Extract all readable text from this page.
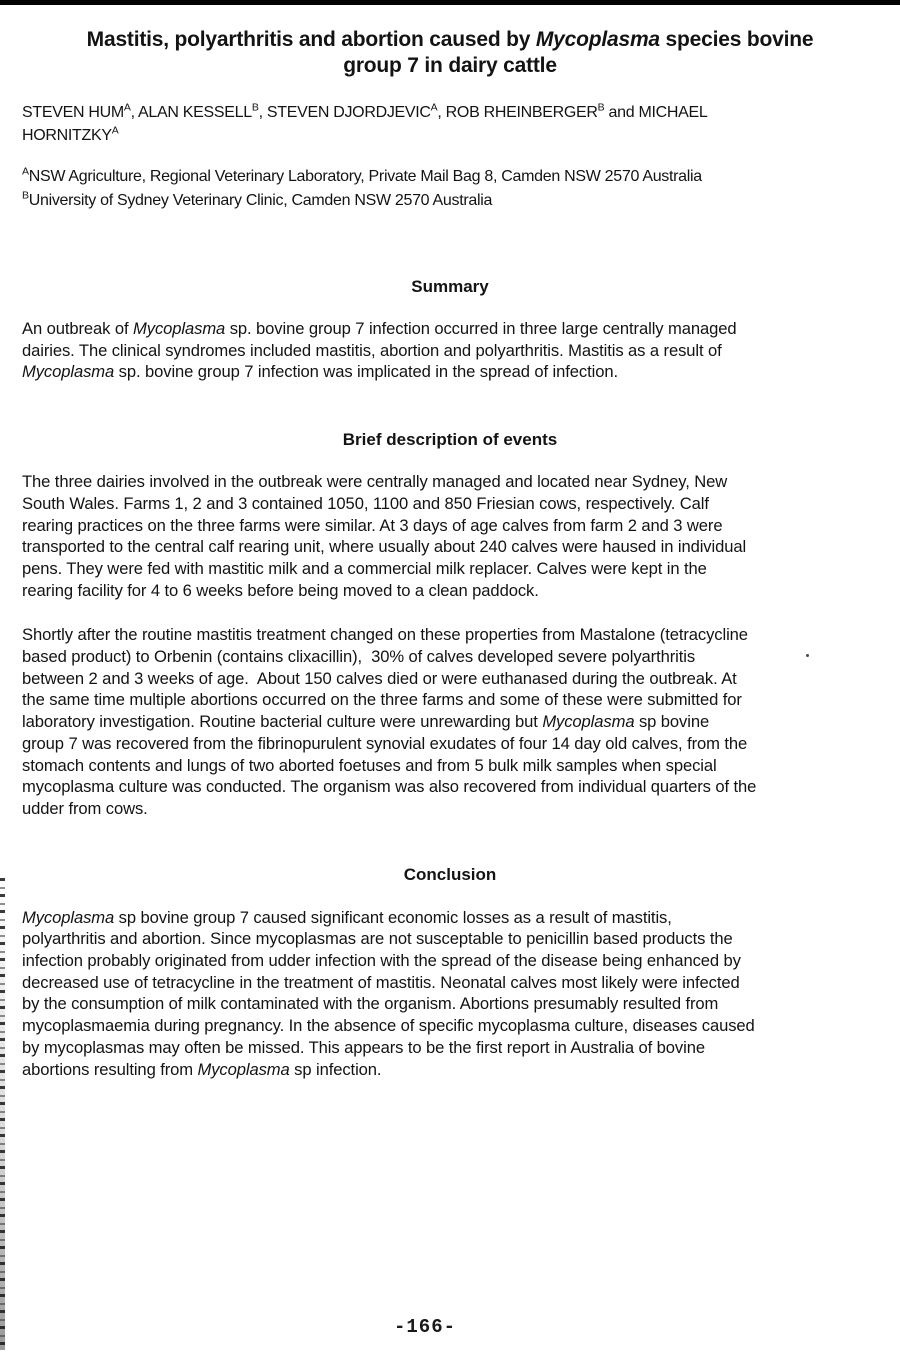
Mastitis, polyarthritis and abortion caused by Mycoplasma species bovine
group 7 in dairy cattle
STEVEN $HUM^A$, ALAN $KESSELL^B$, STEVEN $DJORDJEVIC^A$, ROB $RHEINBERGER^B$ and MICHAEL
$HORNITZKY^A$
$^A$NSW Agriculture, Regional Veterinary Laboratory, Private Mail Bag 8, Camden NSW 2570 Australia
$^B$University of Sydney Veterinary Clinic, Camden NSW 2570 Australia
Summary
An outbreak of Mycoplasma sp. bovine group 7 infection occurred in three large centrally managed
dairies. The clinical syndromes included mastitis, abortion and polyarthritis. Mastitis as a result of
Mycoplasma sp. bovine group 7 infection was implicated in the spread of infection.
Brief description of events
The three dairies involved in the outbreak were centrally managed and located near Sydney, New
South Wales. Farms 1, 2 and 3 contained 1050, 1100 and 850 Friesian cows, respectively. Calf
rearing practices on the three farms were similar. At 3 days of age calves from farm 2 and 3 were
transported to the central calf rearing unit, where usually about 240 calves were haused in individual
pens. They were fed with mastitic milk and a commercial milk replacer. Calves were kept in the
rearing facility for 4 to 6 weeks before being moved to a clean paddock.
Shortly after the routine mastitis treatment changed on these properties from Mastalone (tetracycline
based product) to Orbenin (contains clixacillin),  30% of calves developed severe polyarthritis
between 2 and 3 weeks of age.  About 150 calves died or were euthanased during the outbreak. At
the same time multiple abortions occurred on the three farms and some of these were submitted for
laboratory investigation. Routine bacterial culture were unrewarding but Mycoplasma sp bovine
group 7 was recovered from the fibrinopurulent synovial exudates of four 14 day old calves, from the
stomach contents and lungs of two aborted foetuses and from 5 bulk milk samples when special
mycoplasma culture was conducted. The organism was also recovered from individual quarters of the
udder from cows.
Conclusion
Mycoplasma sp bovine group 7 caused significant economic losses as a result of mastitis,
polyarthritis and abortion. Since mycoplasmas are not susceptable to penicillin based products the
infection probably originated from udder infection with the spread of the disease being enhanced by
decreased use of tetracycline in the treatment of mastitis. Neonatal calves most likely were infected
by the consumption of milk contaminated with the organism. Abortions presumably resulted from
mycoplasmaemia during pregnancy. In the absence of specific mycoplasma culture, diseases caused
by mycoplasmas may often be missed. This appears to be the first report in Australia of bovine
abortions resulting from Mycoplasma sp infection.
-166-
